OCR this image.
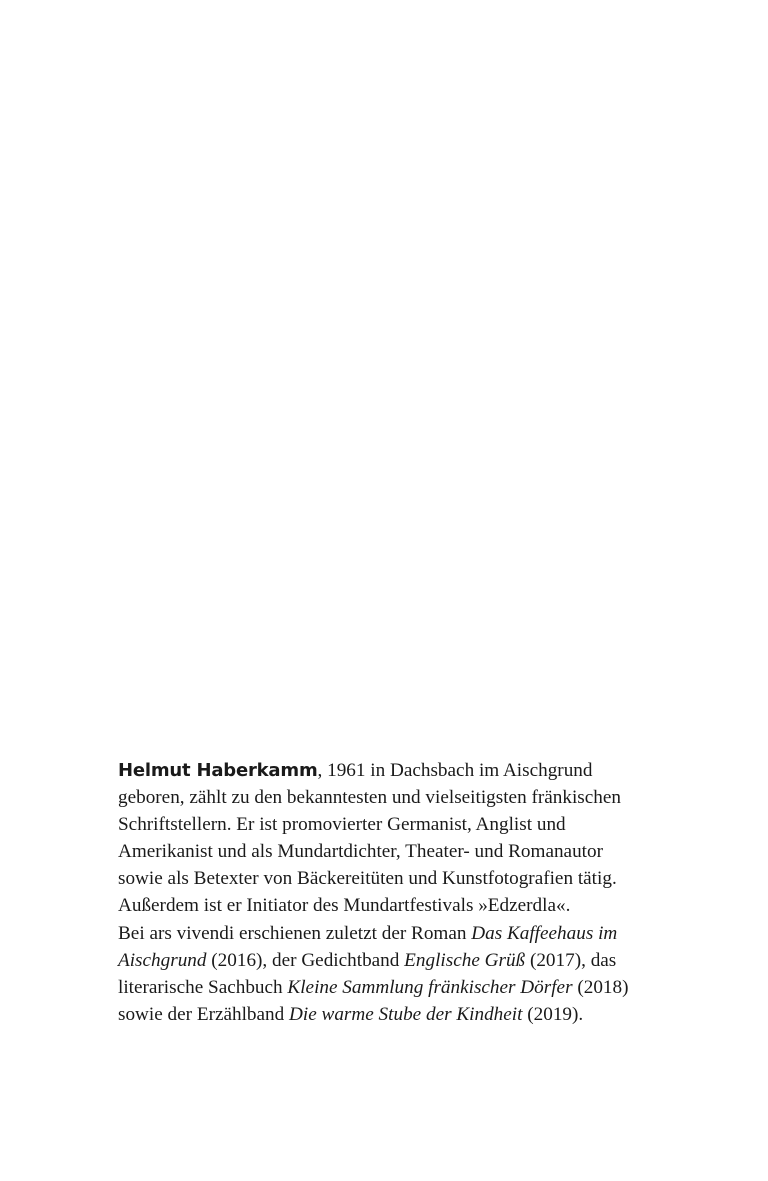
Helmut Haberkamm, 1961 in Dachsbach im Aischgrund
geboren, zählt zu den bekanntesten und vielseitigsten fränkischen
Schriftstellern. Er ist promovierter Germanist, Anglist und
Amerikanist und als Mundartdichter, Theater- und Romanautor
sowie als Betexter von Bäckereitüten und Kunstfotografien tätig.
Außerdem ist er Initiator des Mundartfestivals »Edzerdla«.
Bei ars vivendi erschienen zuletzt der Roman Das Kaffeehaus im
Aischgrund (2016), der Gedichtband Englische Grüß (2017), das
literarische Sachbuch Kleine Sammlung fränkischer Dörfer (2018)
sowie der Erzählband Die warme Stube der Kindheit (2019).
